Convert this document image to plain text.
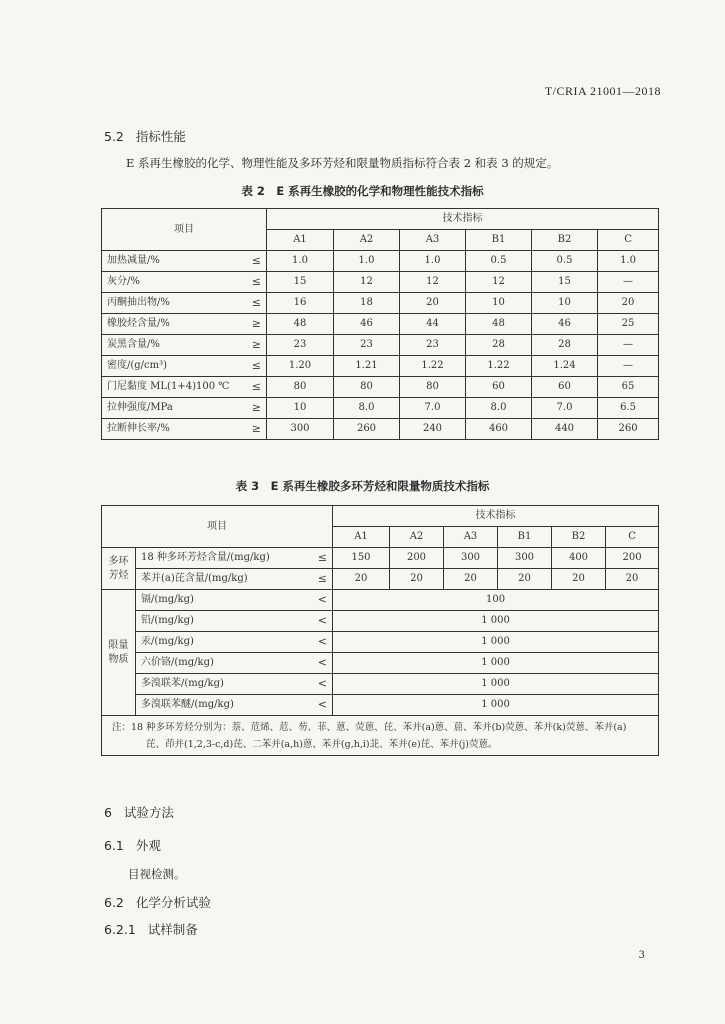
T/CRIA 21001—2018
5.2 指标性能
E 系再生橡胶的化学、物理性能及多环芳烃和限量物质指标符合表 2 和表 3 的规定。
表 2　E 系再生橡胶的化学和物理性能技术指标
项目		技术指标					
		A1	A2	A3	B1	B2	C
加热减量/%	≤	1.0	1.0	1.0	0.5	0.5	1.0
灰分/%	≤	15	12	12	12	15	—
丙酮抽出物/%	≤	16	18	20	10	10	20
橡胶烃含量/%	≥	48	46	44	48	46	25
炭黑含量/%	≥	23	23	23	28	28	—
密度/(g/cm³)	≤	1.20	1.21	1.22	1.22	1.24	—
门尼黏度 ML(1+4)100 ℃	≤	80	80	80	60	60	65
拉伸强度/MPa	≥	10	8.0	7.0	8.0	7.0	6.5
拉断伸长率/%	≥	300	260	240	460	440	260
表 3　E 系再生橡胶多环芳烃和限量物质技术指标
项目			技术指标					
			A1	A2	A3	B1	B2	C
多环
芳烃	18 种多环芳烃含量/(mg/kg)	≤	150	200	300	300	400	200
	苯并(a)芘含量/(mg/kg)	≤	20	20	20	20	20	20
限量
物质	镉/(mg/kg)	<	100					
	铅/(mg/kg)	<	1 000					
	汞/(mg/kg)	<	1 000					
	六价铬/(mg/kg)	<	1 000					
	多溴联苯/(mg/kg)	<	1 000					
	多溴联苯醚/(mg/kg)	<	1 000					

注：18 种多环芳烃分别为：萘、苊烯、苊、芴、菲、蒽、荧蒽、芘、苯并(a)蒽、䓛、苯并(b)荧蒽、苯并(k)荧蒽、苯并(a)
芘、茚并(1,2,3-c,d)芘、二苯并(a,h)蒽、苯并(g,h,i)苝、苯并(e)芘、苯并(j)荧蒽。								
6 试验方法
6.1 外观
目视检测。
6.2 化学分析试验
6.2.1 试样制备
3
